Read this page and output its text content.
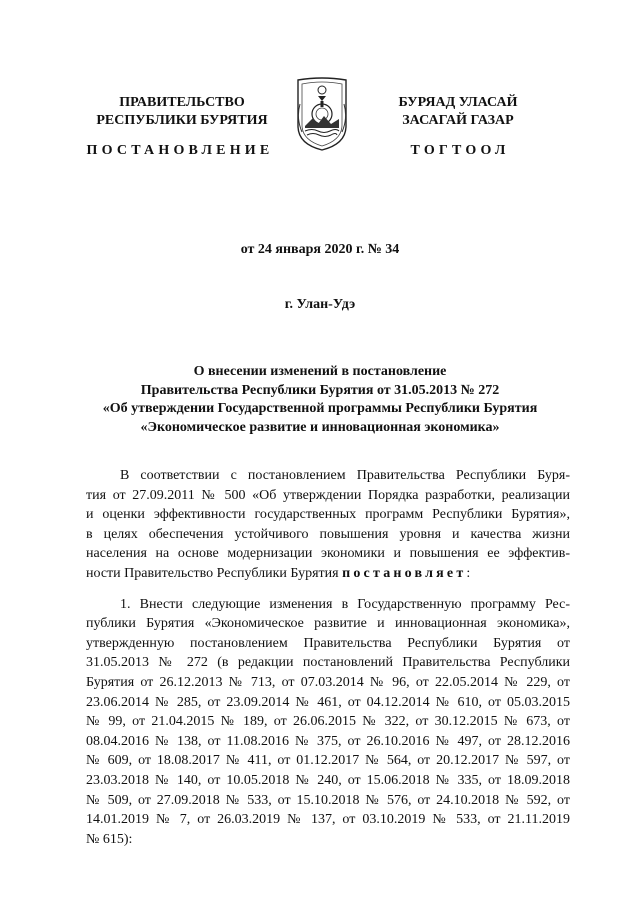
ПРАВИТЕЛЬСТВО
РЕСПУБЛИКИ БУРЯТИЯ
БУРЯАД УЛАСАЙ
ЗАСАГАЙ ГАЗАР
ПОСТАНОВЛЕНИЕ	ТОГТООЛ
от 24 января 2020 г. № 34
г. Улан-Удэ
О внесении изменений в постановление
Правительства Республики Бурятия от 31.05.2013 № 272
«Об утверждении Государственной программы Республики Бурятия
«Экономическое развитие и инновационная экономика»
В соответствии с постановлением Правительства Республики Буря-
тия от 27.09.2011 № 500 «Об утверждении Порядка разработки, реализации
и оценки эффективности государственных программ Республики Бурятия»,
в целях обеспечения устойчивого повышения уровня и качества жизни
населения на основе модернизации экономики и повышения ее эффектив-
ности Правительство Республики Бурятия постановляет:
1. Внести следующие изменения в Государственную программу Рес-
публики Бурятия «Экономическое развитие и инновационная экономика»,
утвержденную постановлением Правительства Республики Бурятия от
31.05.2013 № 272 (в редакции постановлений Правительства Республики
Бурятия от 26.12.2013 № 713, от 07.03.2014 № 96, от 22.05.2014 № 229, от
23.06.2014 № 285, от 23.09.2014 № 461, от 04.12.2014 № 610, от 05.03.2015
№ 99, от 21.04.2015 № 189, от 26.06.2015 № 322, от 30.12.2015 № 673, от
08.04.2016 № 138, от 11.08.2016 № 375, от 26.10.2016 № 497, от 28.12.2016
№ 609, от 18.08.2017 № 411, от 01.12.2017 № 564, от 20.12.2017 № 597, от
23.03.2018 № 140, от 10.05.2018 № 240, от 15.06.2018 № 335, от 18.09.2018
№ 509, от 27.09.2018 № 533, от 15.10.2018 № 576, от 24.10.2018 № 592, от
14.01.2019 № 7, от 26.03.2019 № 137, от 03.10.2019 № 533, от 21.11.2019
№ 615):
